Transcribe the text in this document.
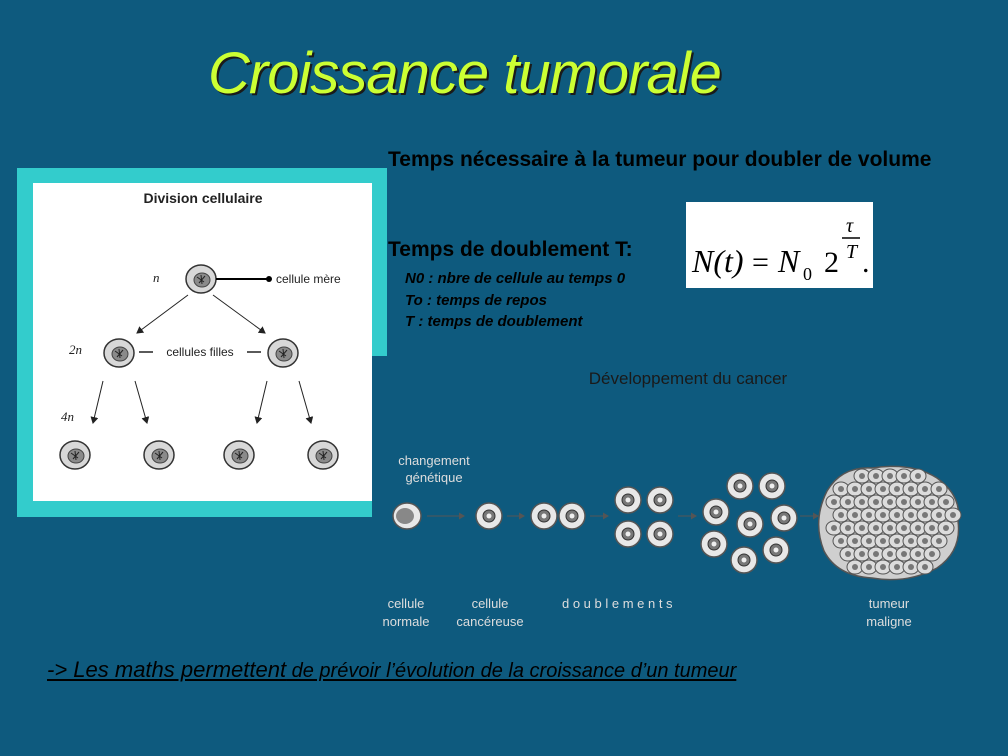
Croissance tumorale
Temps nécessaire à la tumeur pour doubler de volume
Temps de doublement T:
N0 : nbre de cellule au temps 0
To : temps de repos
T : temps de doublement
N(t) = N 0 2
τ
T .
Division cellulaire
n	cellule mère
2n	cellules filles
4n
Développement du cancer
changement
génétique
cellule
normale
cellule
cancéreuse
d o u b l e m e n t s	tumeur
maligne
-> Les maths permettent de prévoir l’évolution de la croissance d’un tumeur
